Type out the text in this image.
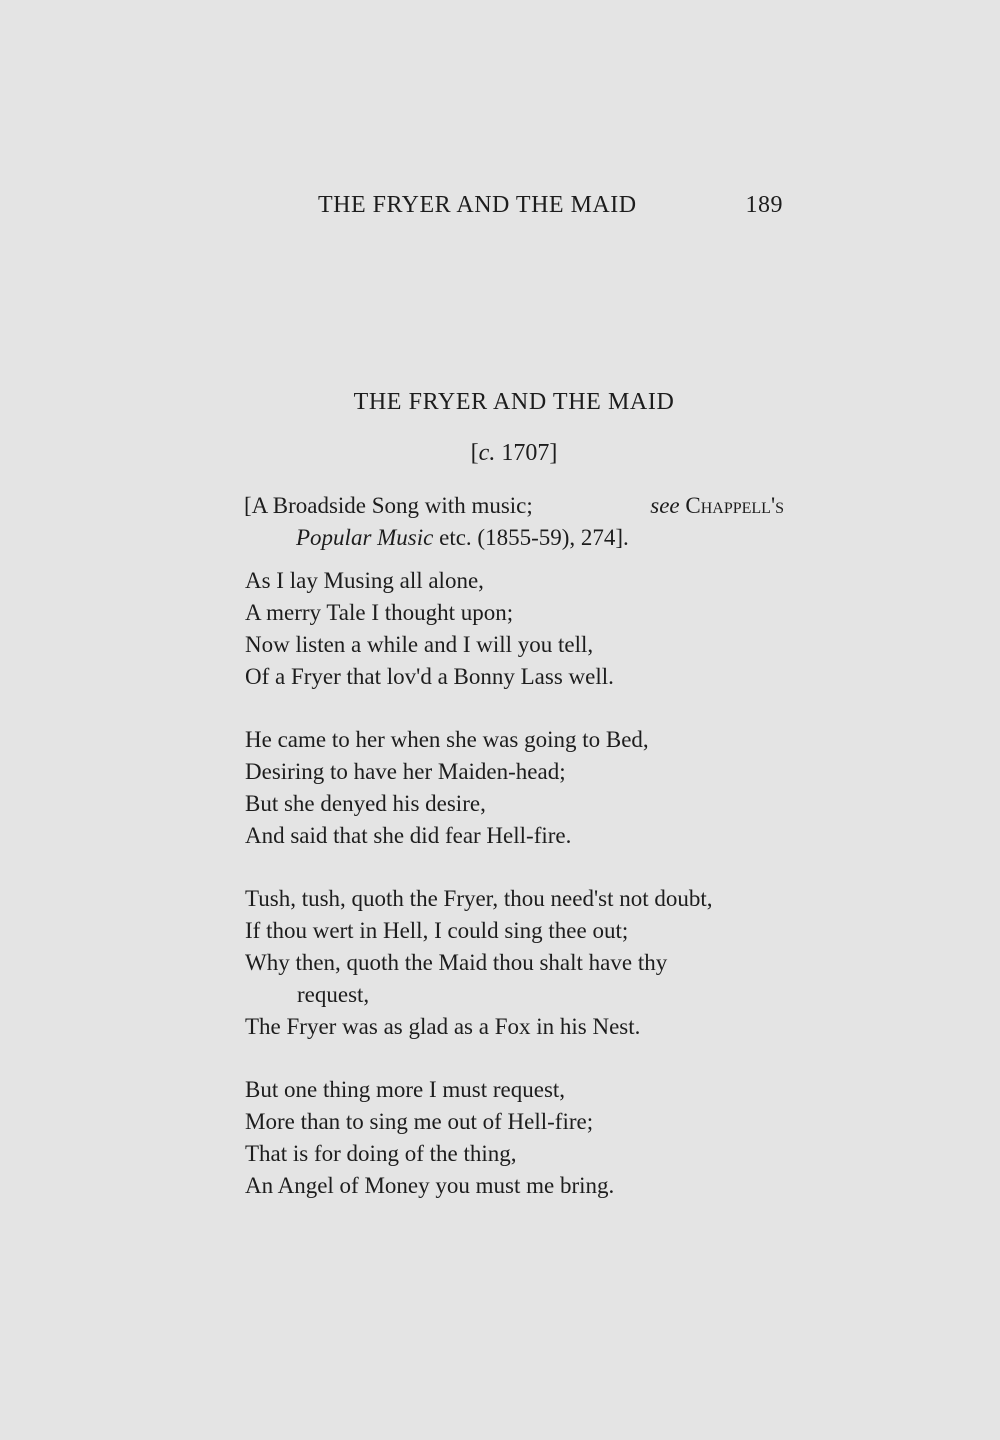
THE FRYER AND THE MAID	189
THE FRYER AND THE MAID
[c. 1707]
[A Broadside Song with music;	see Chappell's
Popular Music etc. (1855-59), 274].
As I lay Musing all alone,
A merry Tale I thought upon;
Now listen a while and I will you tell,
Of a Fryer that lov'd a Bonny Lass well.
He came to her when she was going to Bed,
Desiring to have her Maiden-head;
But she denyed his desire,
And said that she did fear Hell-fire.
Tush, tush, quoth the Fryer, thou need'st not doubt,
If thou wert in Hell, I could sing thee out;
Why then, quoth the Maid thou shalt have thy
request,
The Fryer was as glad as a Fox in his Nest.
But one thing more I must request,
More than to sing me out of Hell-fire;
That is for doing of the thing,
An Angel of Money you must me bring.
